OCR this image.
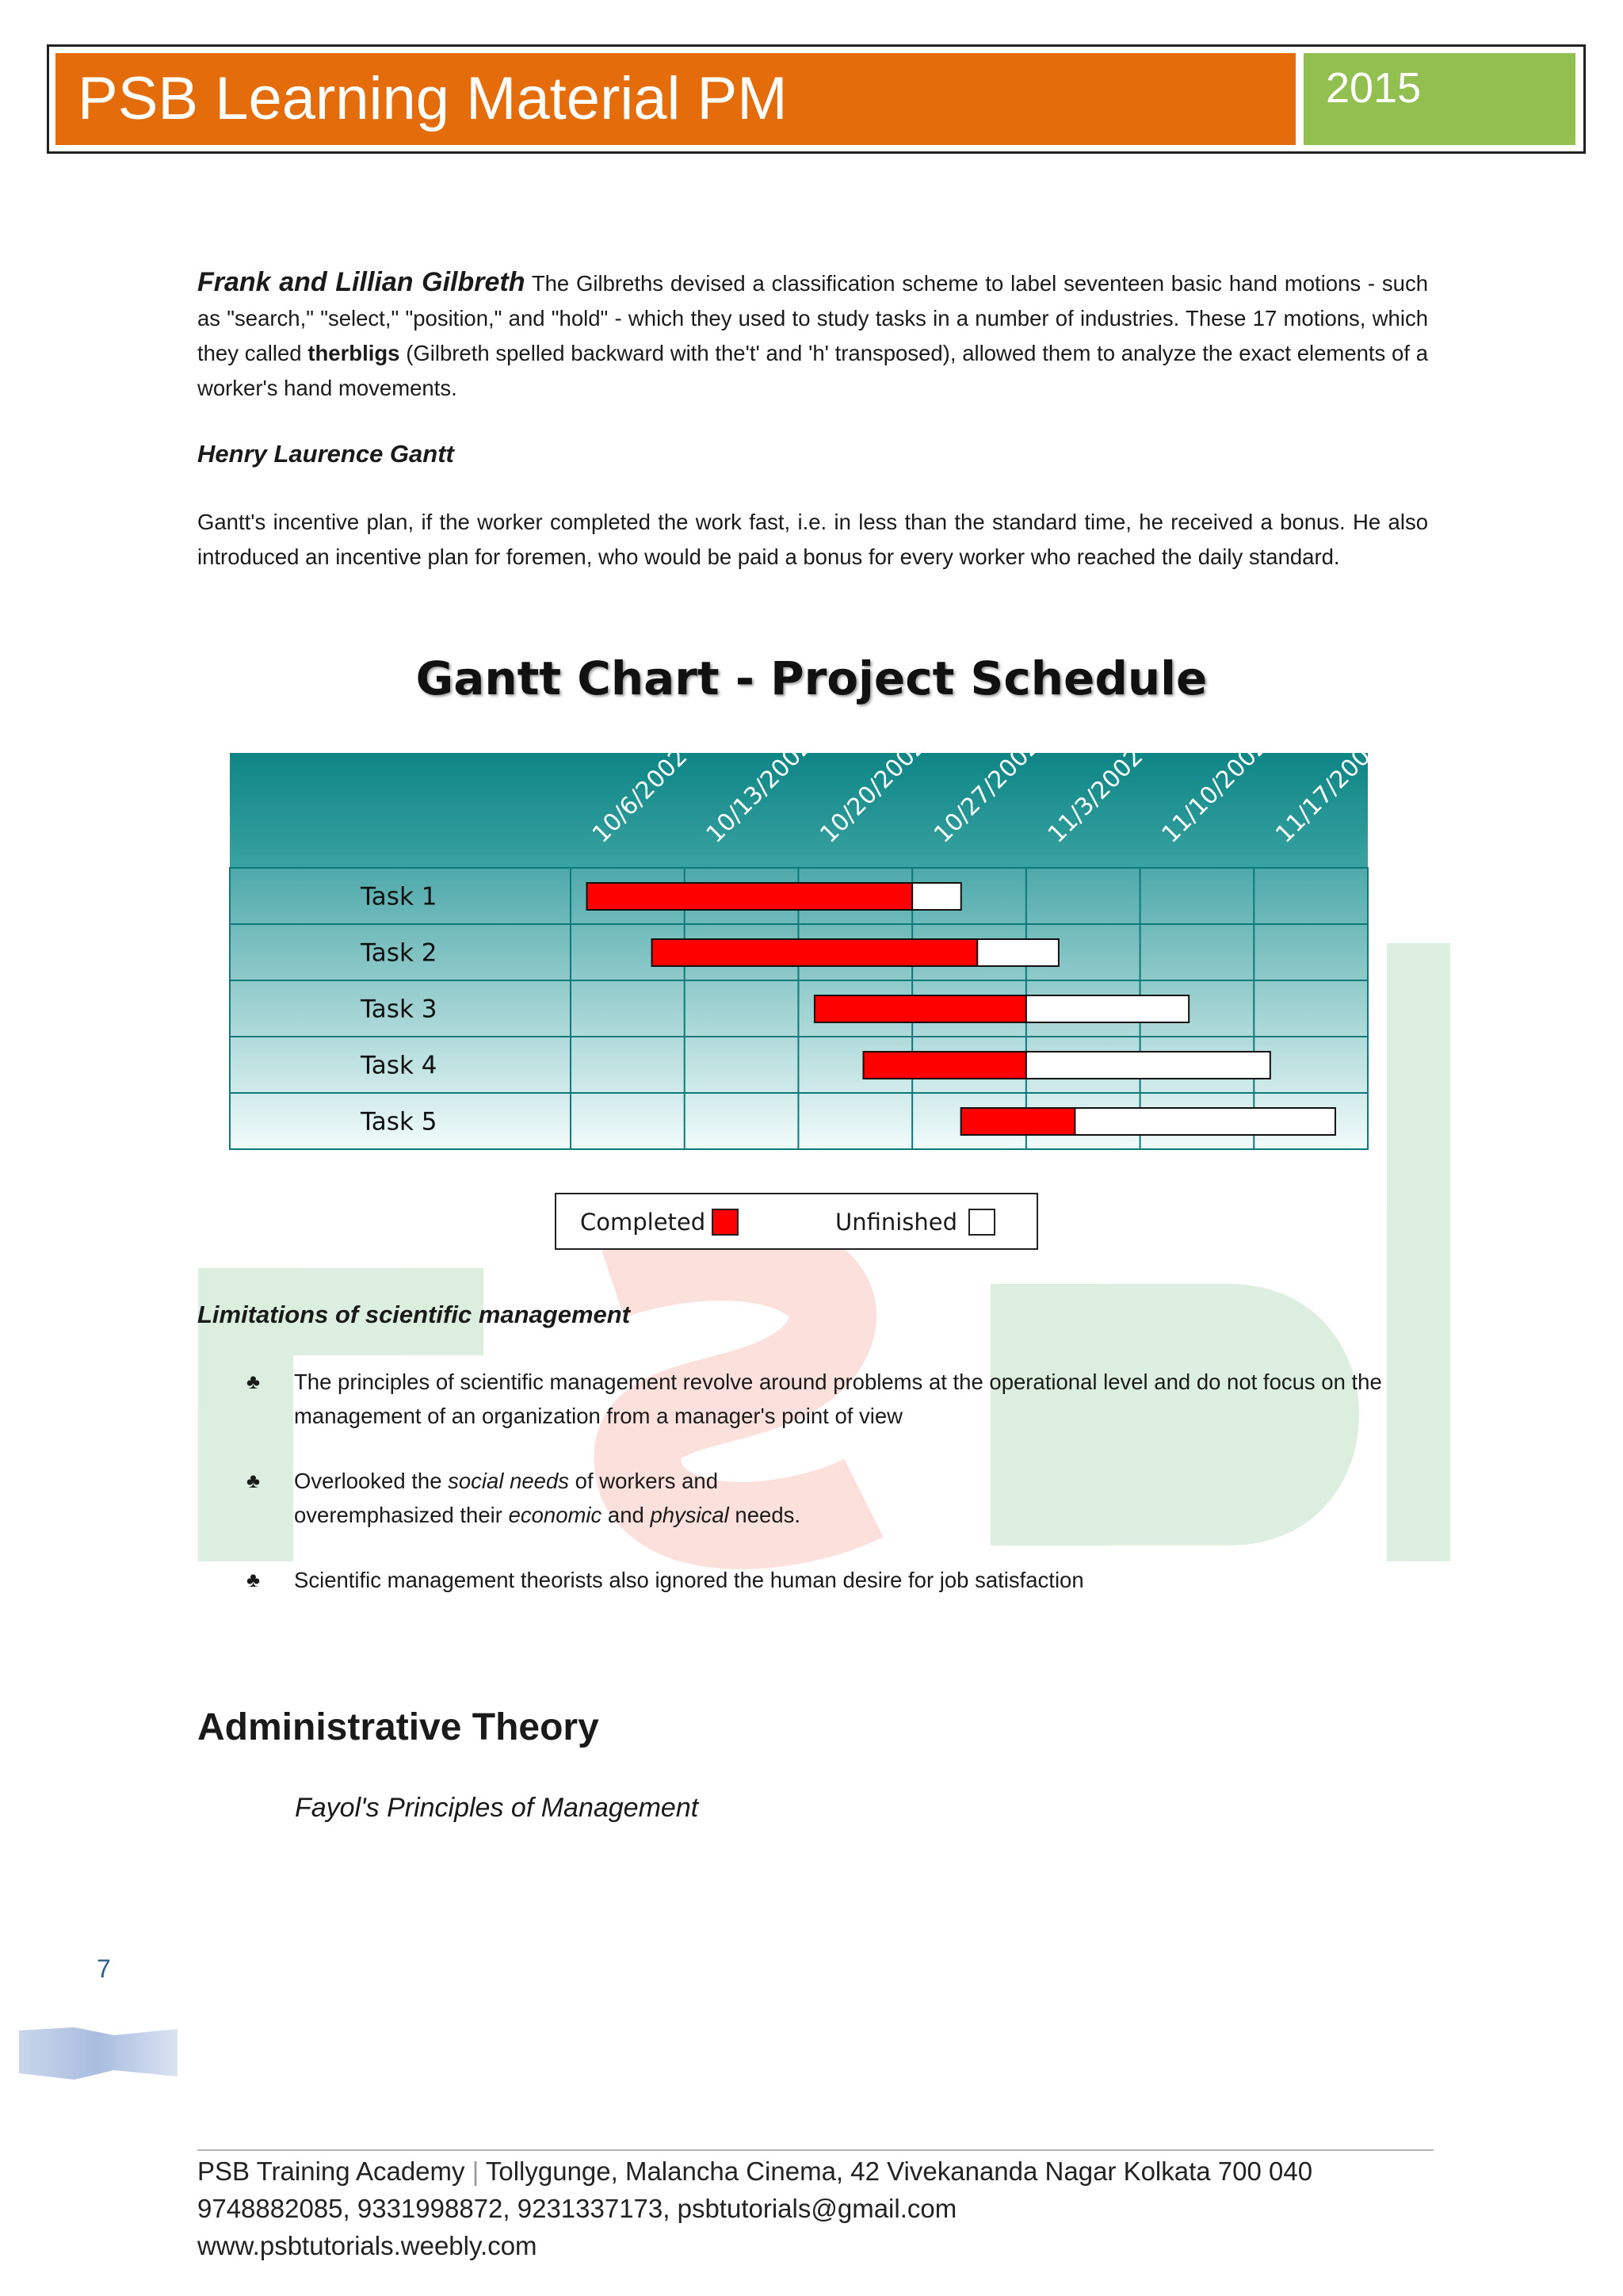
PSB Learning Material PM	2015
Frank and Lillian Gilbreth The Gilbreths devised a classification scheme to label seventeen basic hand motions - such as "search," "select," "position," and "hold" - which they used to study tasks in a number of industries. These 17 motions, which they called therbligs (Gilbreth spelled backward with the't' and 'h' transposed), allowed them to analyze the exact elements of a worker's hand movements.
Henry Laurence Gantt
Gantt's incentive plan, if the worker completed the work fast, i.e. in less than the standard time, he received a bonus. He also introduced an incentive plan for foremen, who would be paid a bonus for every worker who reached the daily standard.
Gantt Chart - Project Schedule
10/6/2002 10/13/2002
10/20/2002
10/27/2002
11/3/2002 11/10/2002
11/17/2002
Task 1
Task 2
Task 3
Task 4
Task 5
Completed	Unfinished
Limitations of scientific management
♣ The principles of scientific management revolve around problems at the operational level and do not focus on the management of an organization from a manager's point of view
♣ Overlooked the social needs of workers and overemphasized their economic and physical needs.
♣ Scientific management theorists also ignored the human desire for job satisfaction
Administrative Theory
Fayol's Principles of Management
7
PSB Training Academy | Tollygunge, Malancha Cinema, 42 Vivekananda Nagar Kolkata 700 040
9748882085, 9331998872, 9231337173, psbtutorials@gmail.com
www.psbtutorials.weebly.com
